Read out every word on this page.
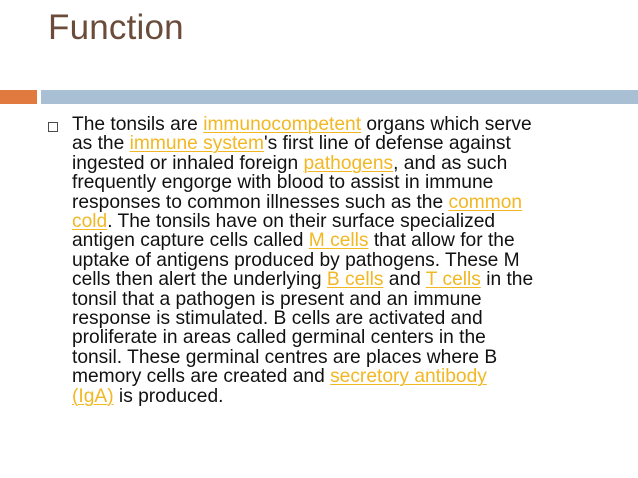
Function
The tonsils are immunocompetent organs which serve
as the immune system's first line of defense against
ingested or inhaled foreign pathogens, and as such
frequently engorge with blood to assist in immune
responses to common illnesses such as the common
cold. The tonsils have on their surface specialized
antigen capture cells called M cells that allow for the
uptake of antigens produced by pathogens. These M
cells then alert the underlying B cells and T cells in the
tonsil that a pathogen is present and an immune
response is stimulated. B cells are activated and
proliferate in areas called germinal centers in the
tonsil. These germinal centres are places where B
memory cells are created and secretory antibody
(IgA) is produced.
